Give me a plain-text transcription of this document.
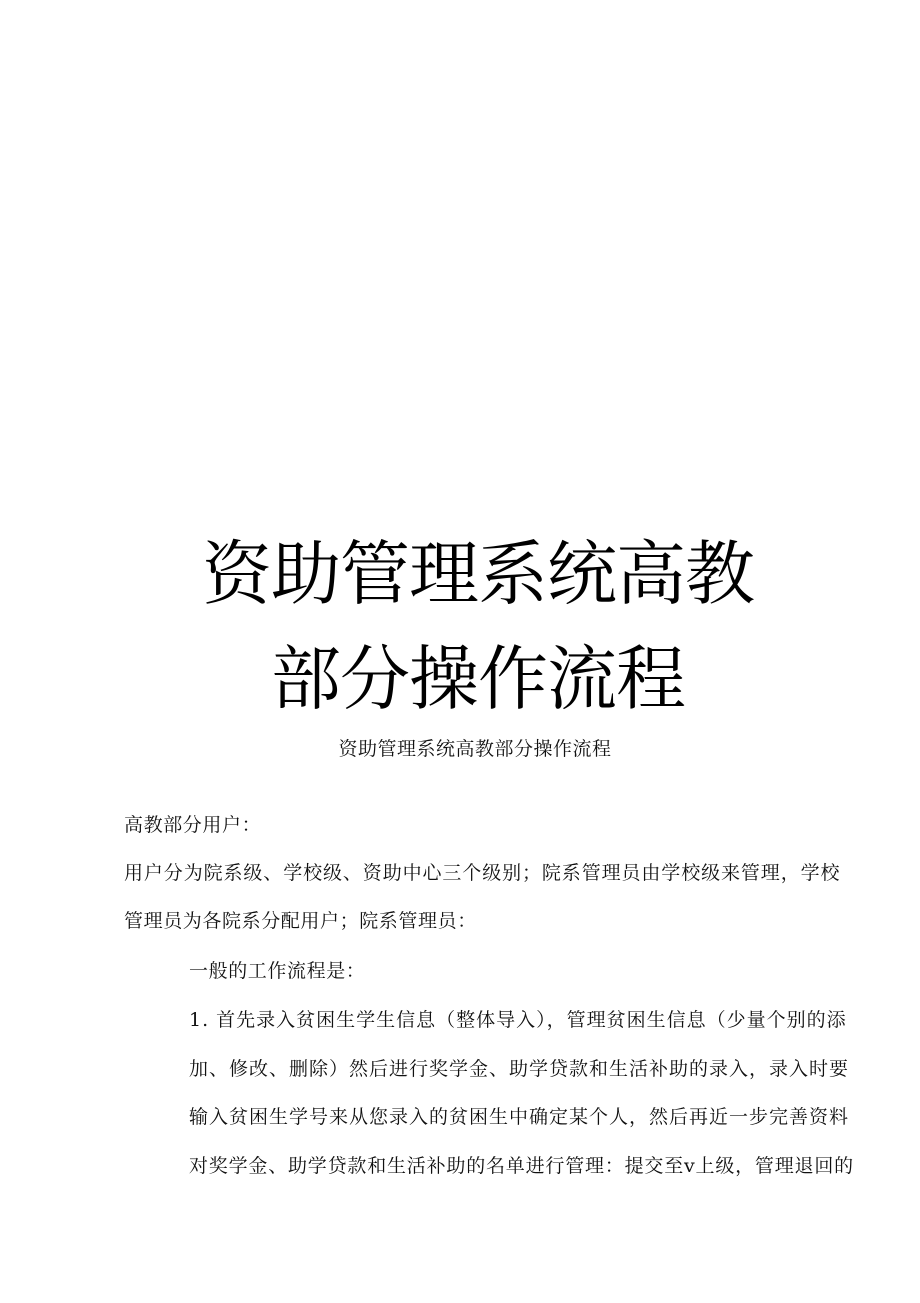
资助管理系统高教
部分操作流程
资助管理系统高教部分操作流程
高教部分用户：
用户分为院系级、学校级、资助中心三个级别；院系管理员由学校级来管理，学校
管理员为各院系分配用户；院系管理员：
一般的工作流程是：
1. 首先录入贫困生学生信息（整体导入），管理贫困生信息（少量个别的添
加、修改、删除）然后进行奖学金、助学贷款和生活补助的录入，录入时要
输入贫困生学号来从您录入的贫困生中确定某个人，然后再近一步完善资料
对奖学金、助学贷款和生活补助的名单进行管理：提交至v上级，管理退回的
